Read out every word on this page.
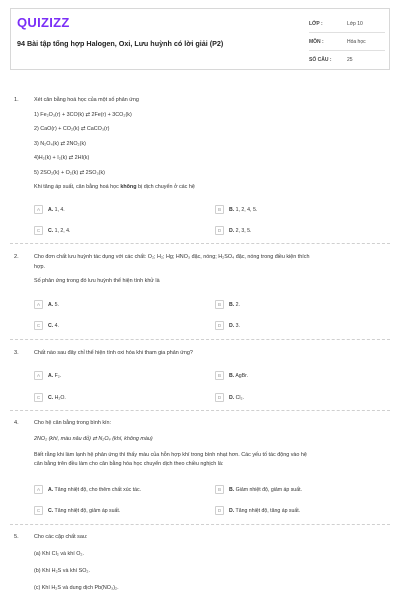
QUIZIZZ
94 Bài tập tổng hợp Halogen, Oxi, Lưu huỳnh có lời giải (P2)
LỚP :	Lớp 10
MÔN :	Hóa học
SỐ CÂU :	25
1.	Xét cân bằng hoá học của một số phản ứng
1) Fe₂O₃(r) + 3CO(k) ⇄ 2Fe(r) + 3CO₂(k)
2) CaO(r) + CO₂(k) ⇄ CaCO₃(r)
3) N₂O₄(k) ⇄ 2NO₂(k)
4)H₂(k) + I₂(k) ⇄ 2HI(k)
5) 2SO₂(k) + O₂(k) ⇄ 2SO₃(k)
Khi tăng áp suất, cân bằng hoá học không bị dịch chuyển ở các hệ
A	A. 1, 4.	B	B. 1, 2, 4, 5.
C	C. 1, 2, 4.	D	D. 2, 3, 5.
2.	Cho đơn chất lưu huỳnh tác dụng với các chất: O₂; H₂; Hg; HNO₃ đặc, nóng; H₂SO₄ đặc, nóng trong điều kiện thích
hợp.
Số phản ứng trong đó lưu huỳnh thể hiện tính khử là
A	A. 5.	B	B. 2.
C	C. 4.	D	D. 3.
3.	Chất nào sau đây chỉ thể hiện tính oxi hóa khi tham gia phản ứng?
A	A. F₂.	B	B. AgBr.
C	C. H₂O.	D	D. Cl₂.
4.	Cho hệ cân bằng trong bình kín:
2NO₂ (khí, màu nâu đỏ) ⇄ N₂O₄ (khí, không màu)
Biết rằng khi làm lạnh hệ phản ứng thì thấy màu của hỗn hợp khí trong bình nhạt hơn. Các yếu tố tác động vào hệ
cân bằng trên đều làm cho cân bằng hóa học chuyển dịch theo chiều nghịch là:
A	A. Tăng nhiệt độ, cho thêm chất xúc tác.	B	B. Giảm nhiệt độ, giảm áp suất.
C	C. Tăng nhiệt độ, giảm áp suất.	D	D. Tăng nhiệt độ, tăng áp suất.
5.	Cho các cặp chất sau:
(a) Khí Cl₂ và khí O₂.
(b) Khí H₂S và khí SO₂.
(c) Khí H₂S và dung dịch Pb(NO₃)₂.
